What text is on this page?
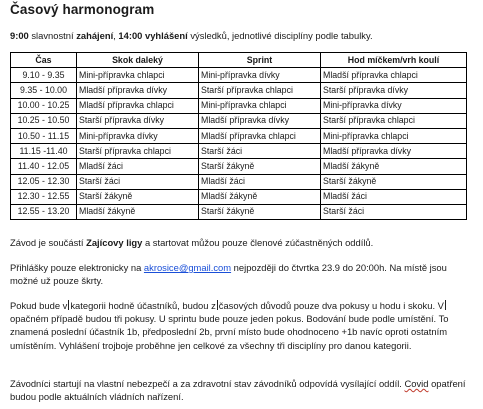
Časový harmonogram
9:00 slavnostní zahájení, 14:00 vyhlášení výsledků, jednotlivé disciplíny podle tabulky.
Čas	Skok daleký	Sprint	Hod míčkem/vrh koulí
9.10 - 9.35	Mini-přípravka chlapci	Mini-přípravka dívky	Mladší přípravka chlapci
9.35 - 10.00	Mladší přípravka dívky	Starší přípravka chlapci	Starší přípravka dívky
10.00 - 10.25	Mladší přípravka chlapci	Mini-přípravka chlapci	Mini-přípravka dívky
10.25 - 10.50	Starší přípravka dívky	Mladší přípravka dívky	Starší přípravka chlapci
10.50 - 11.15	Mini-přípravka dívky	Mladší přípravka chlapci	Mini-přípravka chlapci
11.15 -11.40	Starší přípravka chlapci	Starší žáci	Mladší přípravka dívky
11.40 - 12.05	Mladší žáci	Starší žákyně	Mladší žákyně
12.05 - 12.30	Starší žáci	Mladší žáci	Starší žákyně
12.30 - 12.55	Starší žákyně	Mladší žákyně	Mladší žáci
12.55 - 13.20	Mladší žákyně	Starší žákyně	Starší žáci
Závod je součástí Zajícovy ligy a startovat můžou pouze členové zúčastněných oddílů.
Přihlášky pouze elektronicky na akrosice@gmail.com nejpozději do čtvrtka 23.9 do 20:00h. Na místě jsou možné už pouze škrty.
Pokud bude v kategorii hodně účastníků, budou z časových důvodů pouze dva pokusy u hodu i skoku. Vopačném případě budou tři pokusy. U sprintu bude pouze jeden pokus. Bodování bude podle umístění. To znamená poslední účastník 1b, předposlední 2b, první místo bude ohodnoceno +1b navíc oproti ostatním umístěním. Vyhlášení trojboje proběhne jen celkové za všechny tři disciplíny pro danou kategorii.
Závodníci startují na vlastní nebezpečí a za zdravotní stav závodníků odpovídá vysílající oddíl. Covid opatření budou podle aktuálních vládních nařízení.
